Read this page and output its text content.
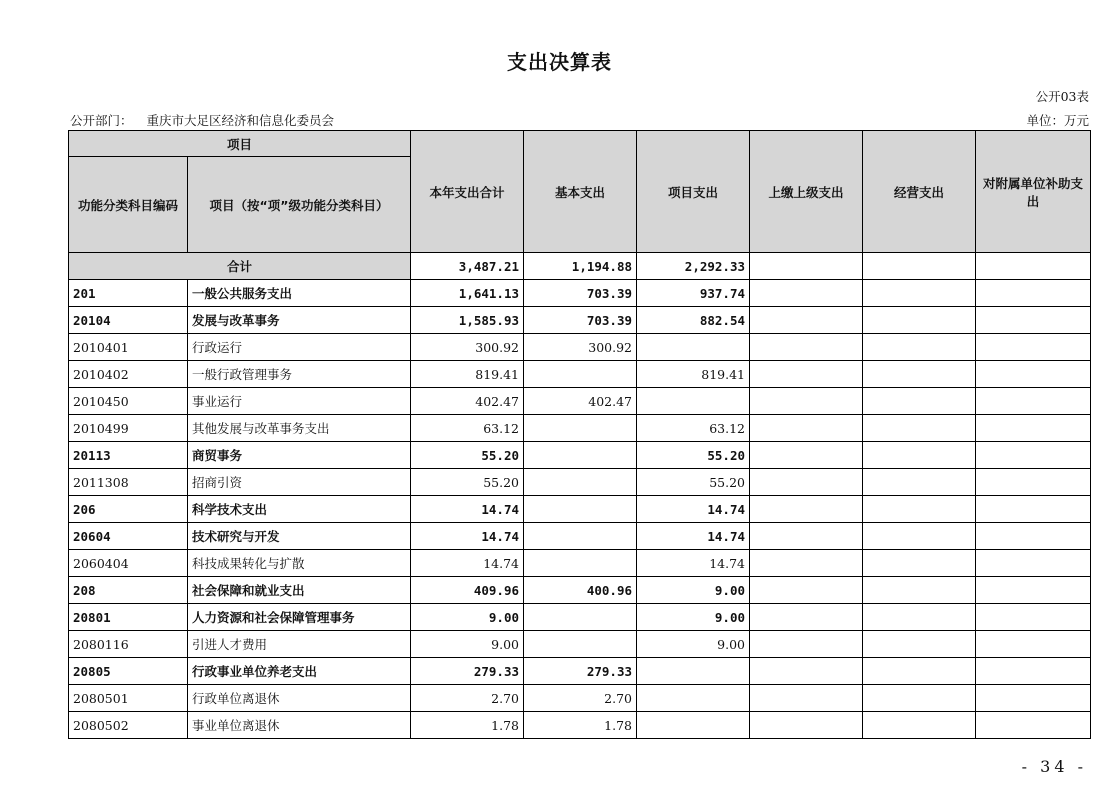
支出决算表
公开03表
公开部门： 重庆市大足区经济和信息化委员会	单位：万元
项目		本年支出合计	基本支出	项目支出	上缴上级支出	经营支出	对附属单位补助支出
功能分类科目编码	项目（按“项”级功能分类科目）						
合计		3,487.21	1,194.88	2,292.33			
201	一般公共服务支出	1,641.13	703.39	937.74			
20104	发展与改革事务	1,585.93	703.39	882.54			
2010401	行政运行	300.92	300.92				
2010402	一般行政管理事务	819.41		819.41			
2010450	事业运行	402.47	402.47				
2010499	其他发展与改革事务支出	63.12		63.12			
20113	商贸事务	55.20		55.20			
2011308	招商引资	55.20		55.20			
206	科学技术支出	14.74		14.74			
20604	技术研究与开发	14.74		14.74			
2060404	科技成果转化与扩散	14.74		14.74			
208	社会保障和就业支出	409.96	400.96	9.00			
20801	人力资源和社会保障管理事务	9.00		9.00			
2080116	引进人才费用	9.00		9.00			
20805	行政事业单位养老支出	279.33	279.33				
2080501	行政单位离退休	2.70	2.70				
2080502	事业单位离退休	1.78	1.78				
- 34 -
